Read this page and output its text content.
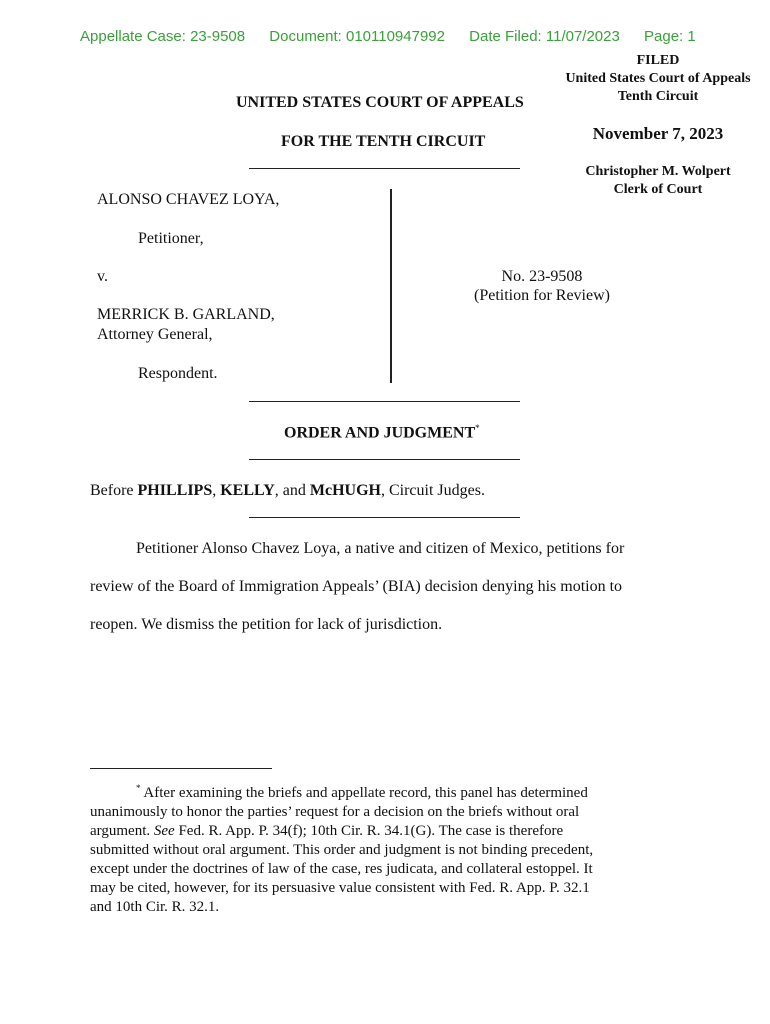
Appellate Case: 23-9508 Document: 010110947992 Date Filed: 11/07/2023 Page: 1
FILED
United States Court of Appeals
Tenth Circuit
November 7, 2023
Christopher M. Wolpert
Clerk of Court
UNITED STATES COURT OF APPEALS
FOR THE TENTH CIRCUIT
ALONSO CHAVEZ LOYA,
Petitioner,
v.
MERRICK B. GARLAND,
Attorney General,
Respondent.
No. 23-9508
(Petition for Review)
ORDER AND JUDGMENT*
Before PHILLIPS, KELLY, and McHUGH, Circuit Judges.
Petitioner Alonso Chavez Loya, a native and citizen of Mexico, petitions for
review of the Board of Immigration Appeals’ (BIA) decision denying his motion to
reopen. We dismiss the petition for lack of jurisdiction.

* After examining the briefs and appellate record, this panel has determined

unanimously to honor the parties’ request for a decision on the briefs without oral

argument. See Fed. R. App. P. 34(f); 10th Cir. R. 34.1(G). The case is therefore

submitted without oral argument. This order and judgment is not binding precedent,

except under the doctrines of law of the case, res judicata, and collateral estoppel. It

may be cited, however, for its persuasive value consistent with Fed. R. App. P. 32.1

and 10th Cir. R. 32.1.
